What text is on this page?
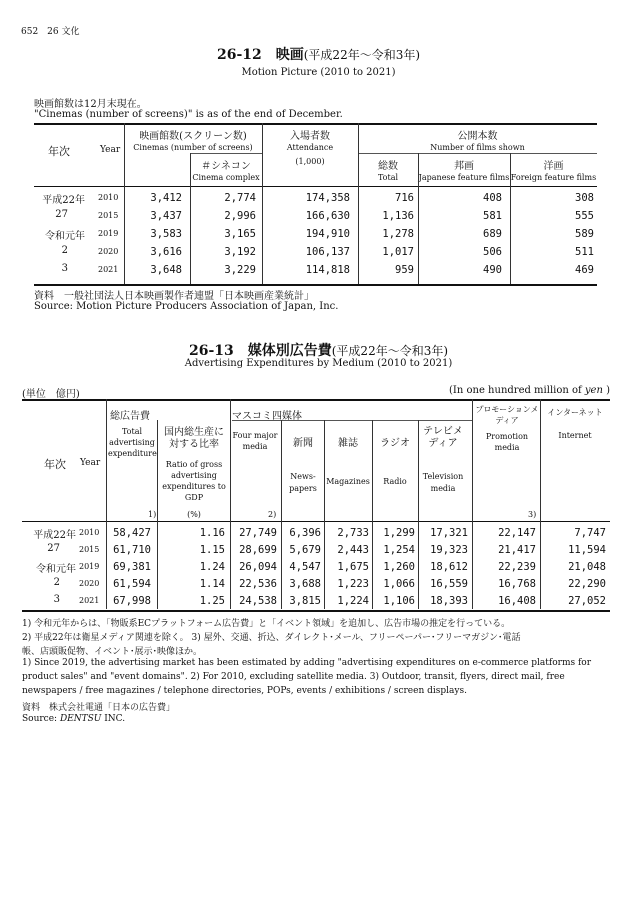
652　26 文化
26-12　 映画(平成22年～令和3年)
Motion Picture (2010 to 2021)
映画館数は12月末現在。
"Cinemas (number of screens)" is as of the end of December.
年次	Year
映画館数(スクリーン数)
Cinemas (number of screens)
＃シネコン
Cinema complex
入場者数
Attendance
(1,000)
公開本数
Number of films shown
総数
Total
邦画
Japanese feature films
洋画
Foreign feature films
平成22年 2010	3,412	2,774	174,358	716	408	308
27	2015	3,437	2,996	166,630	1,136	581	555
令和元年 2019	3,583	3,165	194,910	1,278	689	589
2	2020	3,616	3,192	106,137	1,017	506	511
3	2021	3,648	3,229	114,818	959	490	469
資料　一般社団法人日本映画製作者連盟「日本映画産業統計」
Source: Motion Picture Producers Association of Japan, Inc.
26-13　 媒体別広告費(平成22年～令和3年)
Advertising Expenditures by Medium (2010 to 2021)
(単位　億円)	(In one hundred million of yen )
年次 Year
総広告費
Total advertising expenditure
国内総生産に対する比率
Ratio of gross advertising expenditures to GDP
(%)
マスコミ四媒体
Four major media	新聞
News-papers
雑誌
Magazines
ラジオ
Radio
テレビメディア
Television media
プロモーションメディア
Promotion media
インターネット
Internet
1)	2)	3)
平成22年 2010	58,427	1.16	27,749	6,396	2,733	1,299	17,321	22,147	7,747
27 2015	61,710	1.15	28,699	5,679	2,443	1,254	19,323	21,417	11,594
令和元年 2019	69,381	1.24	26,094	4,547	1,675	1,260	18,612	22,239	21,048
2 2020	61,594	1.14	22,536	3,688	1,223	1,066	16,559	16,768	22,290
3 2021	67,998	1.25	24,538	3,815	1,224	1,106	18,393	16,408	27,052
1) 令和元年からは、「物販系ECプラットフォーム広告費」と「イベント領域」を追加し、広告市場の推定を行っている。
2) 平成22年は衛星メディア関連を除く。 3) 屋外、交通、折込、ダイレクト･メール、フリーペーパー･フリーマガジン･電話
帳、店頭販促物、イベント･展示･映像ほか。
1) Since 2019, the advertising market has been estimated by adding "advertising expenditures on e-commerce platforms for
product sales" and "event domains". 2) For 2010, excluding satellite media. 3) Outdoor, transit, flyers, direct mail, free
newspapers / free magazines / telephone directories, POPs, events / exhibitions / screen displays.
資料　株式会社電通「日本の広告費」
Source: DENTSU INC.
